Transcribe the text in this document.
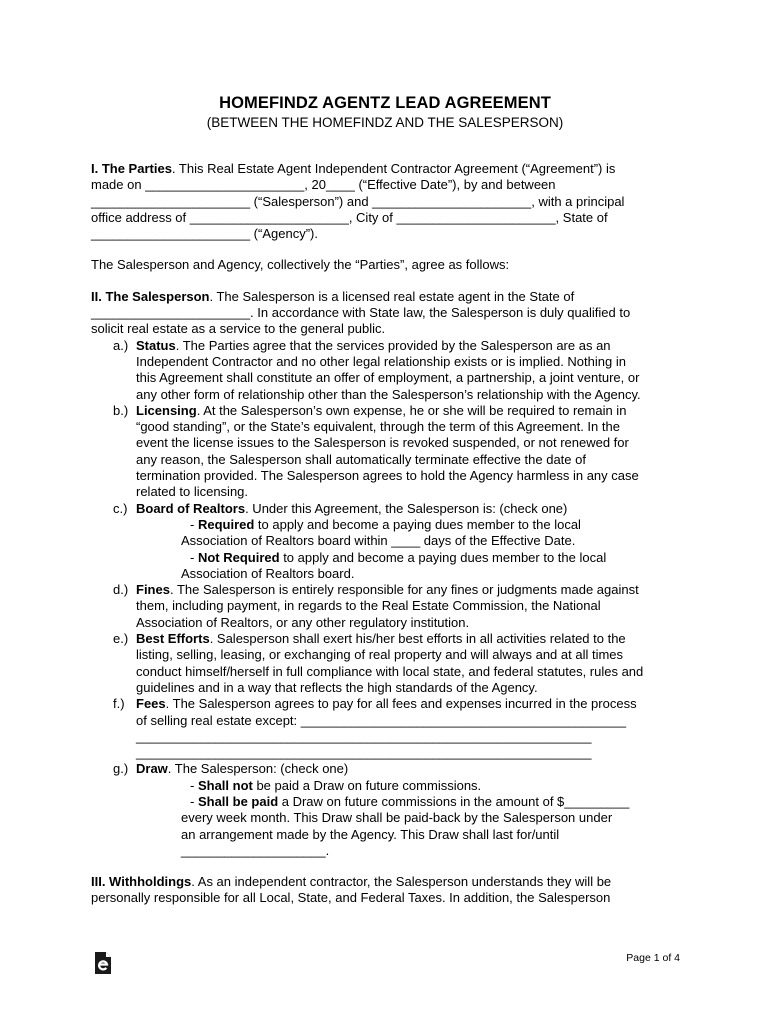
HOMEFINDZ AGENTZ LEAD AGREEMENT
(BETWEEN THE HOMEFINDZ AND THE SALESPERSON)
I. The Parties. This Real Estate Agent Independent Contractor Agreement (“Agreement”) is
made on ______________________, 20____ (“Effective Date”), by and between
______________________ (“Salesperson”) and ______________________, with a principal
office address of ______________________, City of ______________________, State of
______________________ (“Agency”).
The Salesperson and Agency, collectively the “Parties”, agree as follows:
II. The Salesperson. The Salesperson is a licensed real estate agent in the State of
______________________. In accordance with State law, the Salesperson is duly qualified to
solicit real estate as a service to the general public.
a.) Status. The Parties agree that the services provided by the Salesperson are as an
Independent Contractor and no other legal relationship exists or is implied. Nothing in
this Agreement shall constitute an offer of employment, a partnership, a joint venture, or
any other form of relationship other than the Salesperson’s relationship with the Agency.
b.) Licensing. At the Salesperson’s own expense, he or she will be required to remain in
“good standing”, or the State’s equivalent, through the term of this Agreement. In the
event the license issues to the Salesperson is revoked suspended, or not renewed for
any reason, the Salesperson shall automatically terminate effective the date of
termination provided. The Salesperson agrees to hold the Agency harmless in any case
related to licensing.
c.) Board of Realtors. Under this Agreement, the Salesperson is: (check one)
- Required to apply and become a paying dues member to the local
Association of Realtors board within ____ days of the Effective Date.
- Not Required to apply and become a paying dues member to the local
Association of Realtors board.
d.) Fines. The Salesperson is entirely responsible for any fines or judgments made against
them, including payment, in regards to the Real Estate Commission, the National
Association of Realtors, or any other regulatory institution.
e.) Best Efforts. Salesperson shall exert his/her best efforts in all activities related to the
listing, selling, leasing, or exchanging of real property and will always and at all times
conduct himself/herself in full compliance with local state, and federal statutes, rules and
guidelines and in a way that reflects the high standards of the Agency.
f.) Fees. The Salesperson agrees to pay for all fees and expenses incurred in the process
of selling real estate except: _____________________________________________
_______________________________________________________________
_______________________________________________________________
g.) Draw. The Salesperson: (check one)
- Shall not be paid a Draw on future commissions.
- Shall be paid a Draw on future commissions in the amount of $_________
every week month. This Draw shall be paid-back by the Salesperson under
an arrangement made by the Agency. This Draw shall last for/until
____________________.
III. Withholdings. As an independent contractor, the Salesperson understands they will be
personally responsible for all Local, State, and Federal Taxes. In addition, the Salesperson
Page 1 of 4
